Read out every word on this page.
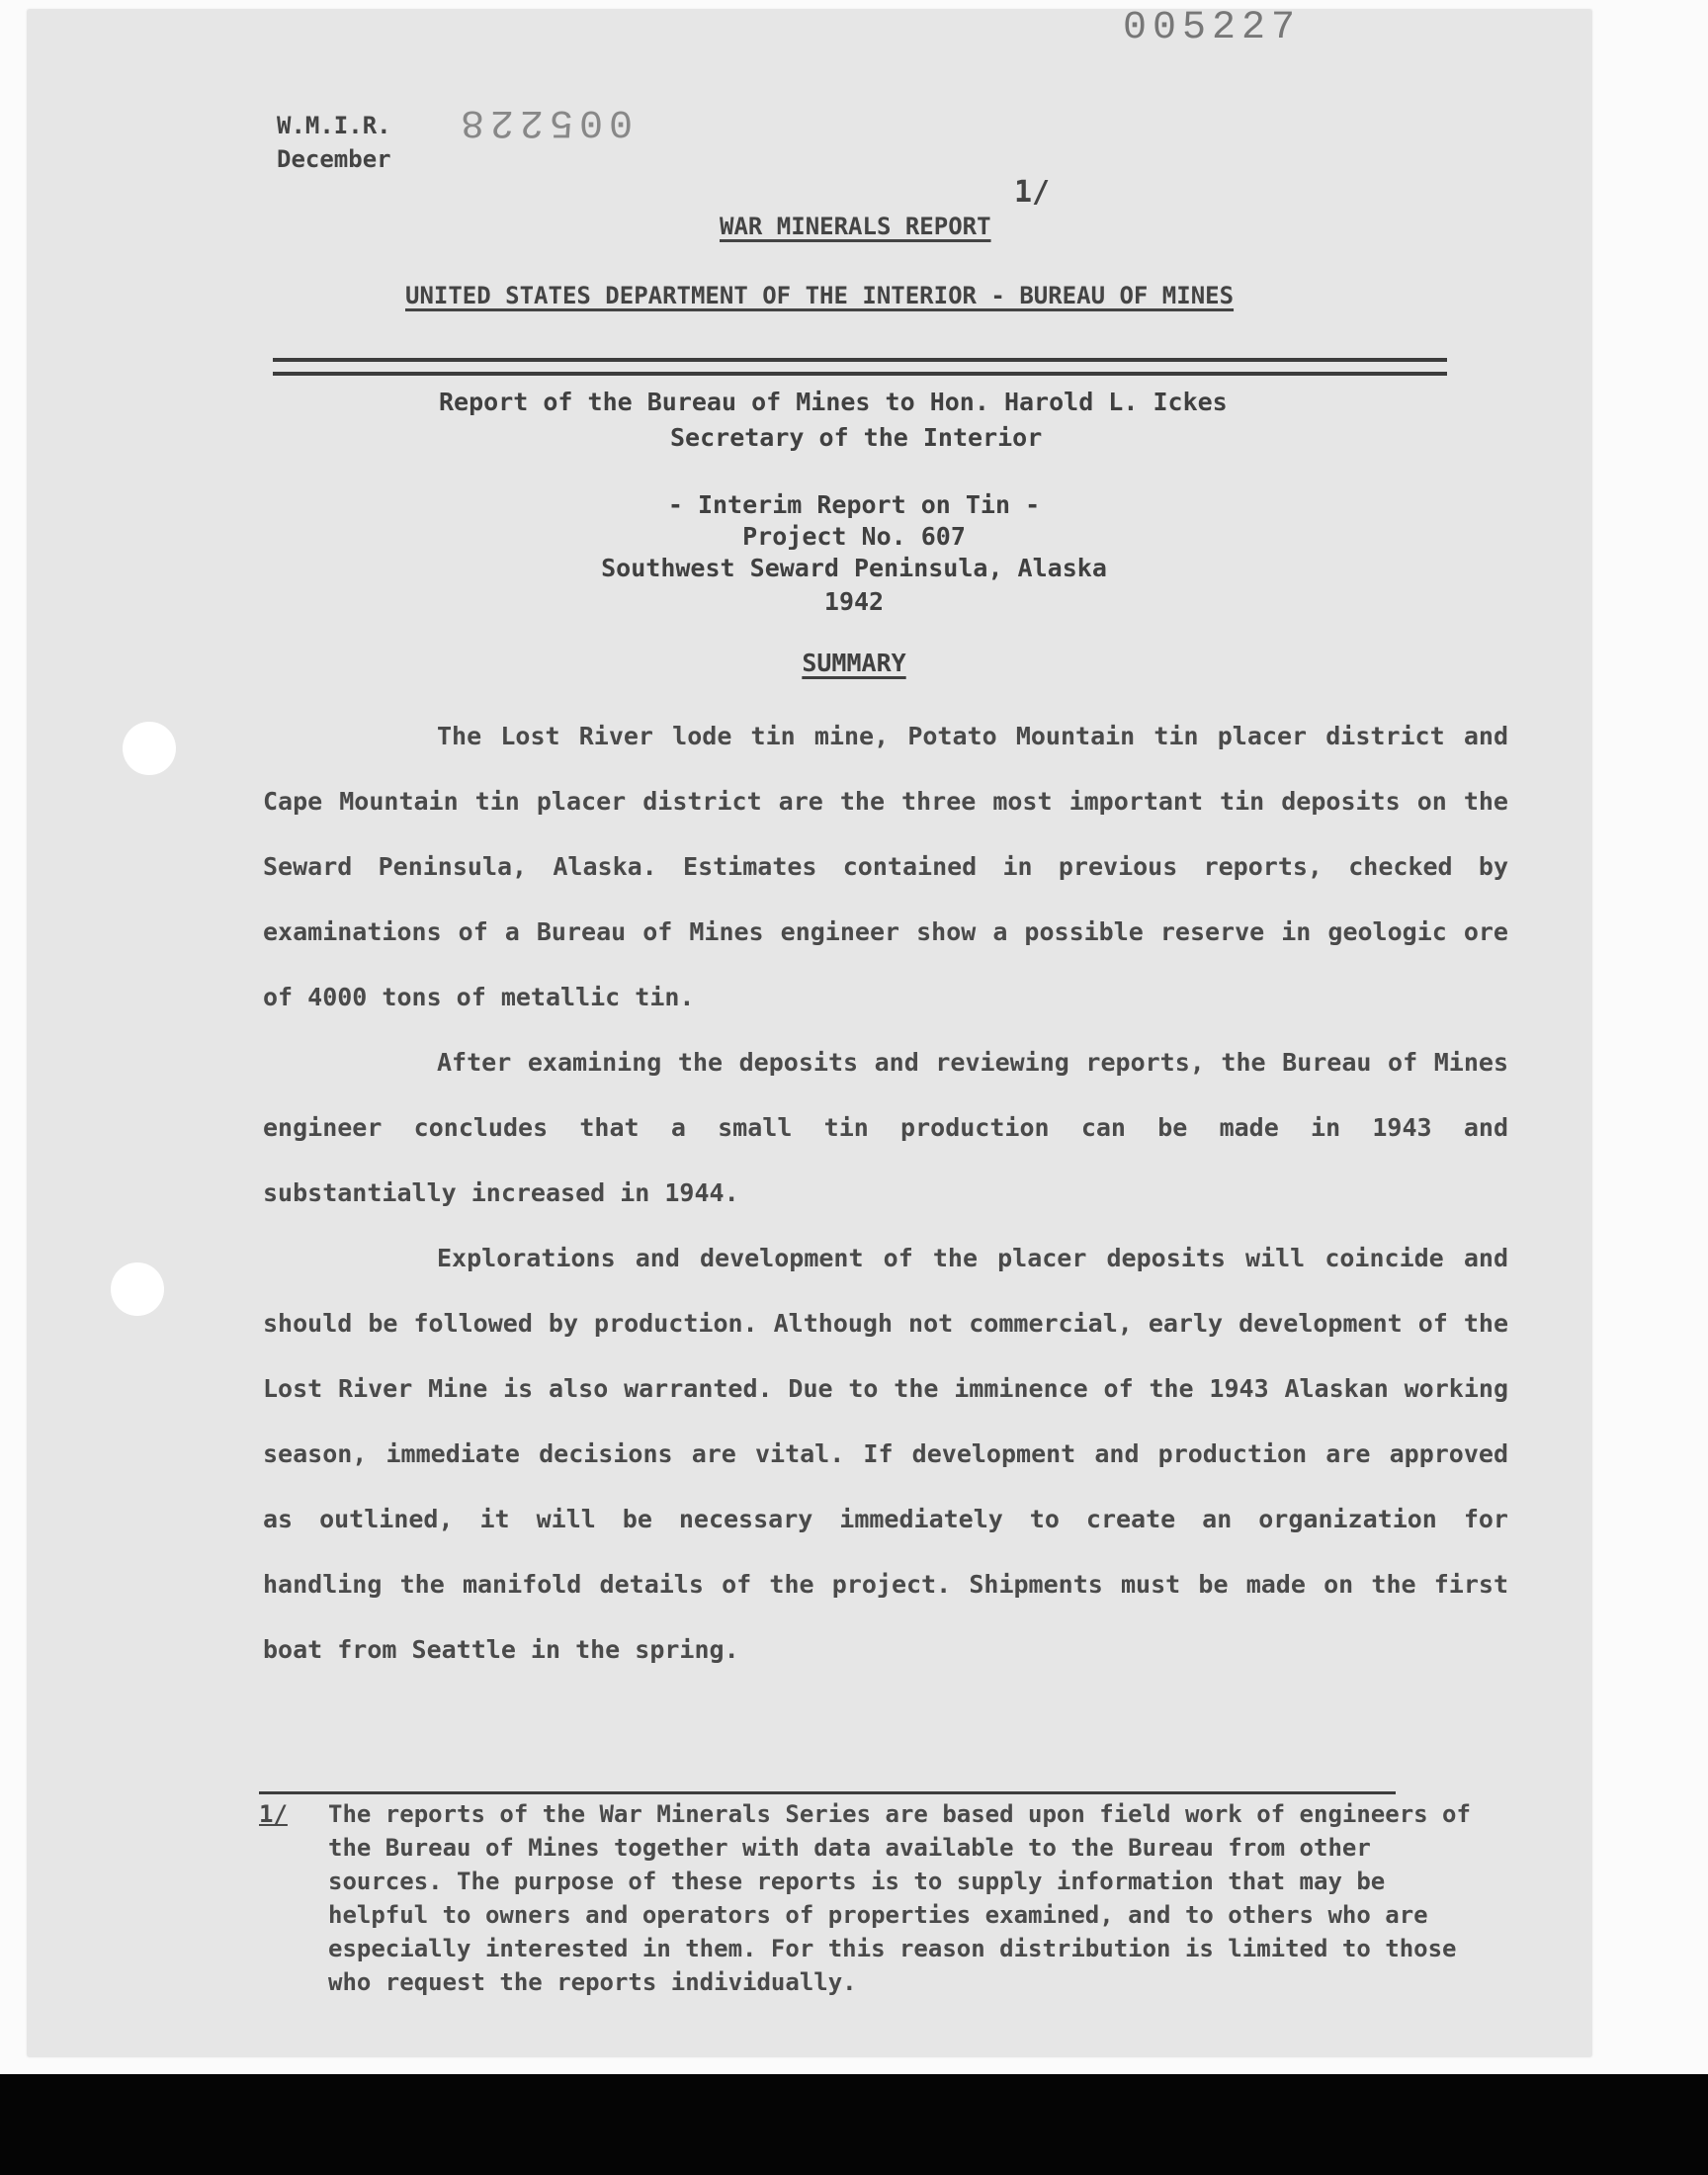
005227
005228
W.M.I.R.
December
1/
WAR MINERALS REPORT
UNITED STATES DEPARTMENT OF THE INTERIOR - BUREAU OF MINES
Report of the Bureau of Mines to Hon. Harold L. Ickes
Secretary of the Interior
- Interim Report on Tin -
Project No. 607
Southwest Seward Peninsula, Alaska
1942
SUMMARY

The Lost River lode tin mine, Potato Mountain tin placer district and Cape Mountain tin placer district are the three most important tin deposits on the Seward Peninsula, Alaska. Estimates contained in previous reports, checked by examinations of a Bureau of Mines engineer show a possible reserve in geologic ore of 4000 tons of metallic tin.

After examining the deposits and reviewing reports, the Bureau of Mines engineer concludes that a small tin production can be made in 1943 and substantially increased in 1944.

Explorations and development of the placer deposits will coincide and should be followed by production. Although not commercial, early development of the Lost River Mine is also warranted. Due to the imminence of the 1943 Alaskan working season, immediate decisions are vital. If development and production are approved as outlined, it will be necessary immediately to create an organization for handling the manifold details of the project. Shipments must be made on the first boat from Seattle in the spring.

1/ The reports of the War Minerals Series are based upon field work of engineers of the Bureau of Mines together with data available to the Bureau from other sources. The purpose of these reports is to supply information that may be helpful to owners and operators of properties examined, and to others who are especially interested in them. For this reason distribution is limited to those who request the reports individually.
